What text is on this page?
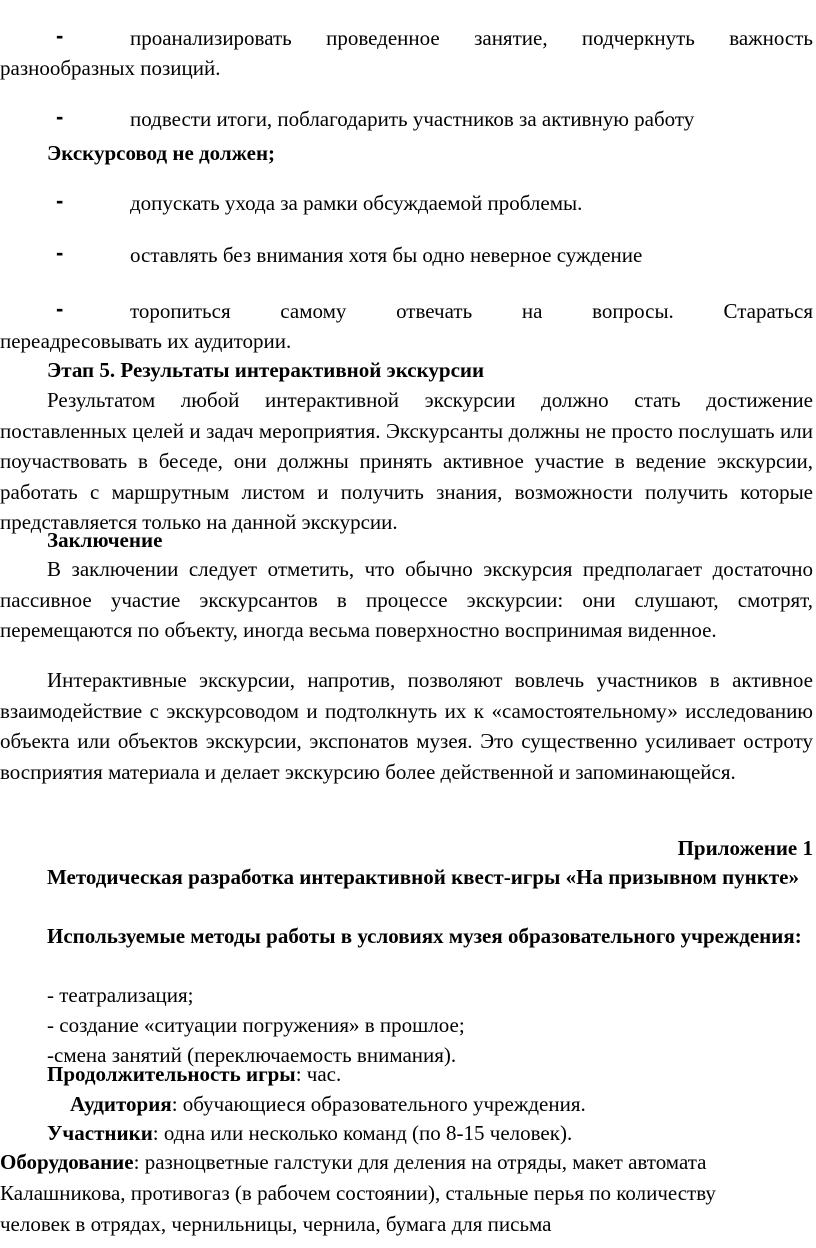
-	проанализировать проведенное занятие, подчеркнуть важность
разнообразных позиций.
-	подвести итоги, поблагодарить участников за активную работу

Экскурсовод не должен;

-	допускать ухода за рамки обсуждаемой проблемы.
-	оставлять без внимания хотя бы одно неверное суждение
-	торопиться самому отвечать на вопросы. Стараться
переадресовывать их аудитории.

Этап 5. Результаты интерактивной экскурсии

Результатом любой интерактивной экскурсии должно стать достижение поставленных целей и задач мероприятия. Экскурсанты должны не просто послушать или поучаствовать в беседе, они должны принять активное участие в ведение экскурсии, работать с маршрутным листом и получить знания, возможности получить которые представляется только на данной экскурсии.

Заключение

В заключении следует отметить, что обычно экскурсия предполагает достаточно пассивное участие экскурсантов в процессе экскурсии: они слушают, смотрят, перемещаются по объекту, иногда весьма поверхностно воспринимая виденное.

Интерактивные экскурсии, напротив, позволяют вовлечь участников в активное взаимодействие с экскурсоводом и подтолкнуть их к «самостоятельному» исследованию объекта или объектов экскурсии, экспонатов музея. Это существенно усиливает остроту восприятия материала и делает экскурсию более действенной и запоминающейся.

Приложение 1

Методическая разработка интерактивной квест-игры «На призывном пункте»

Используемые методы работы в условиях музея образовательного учреждения:

- театрализация;

- создание «ситуации погружения» в прошлое;

-смена занятий (переключаемость внимания).

Продолжительность игры: час.

Аудитория: обучающиеся образовательного учреждения.

Участники: одна или несколько команд (по 8-15 человек).

Оборудование: разноцветные галстуки для деления на отряды, макет автомата Калашникова, противогаз (в рабочем состоянии), стальные перья по количеству человек в отрядах, чернильницы, чернила, бумага для письма
